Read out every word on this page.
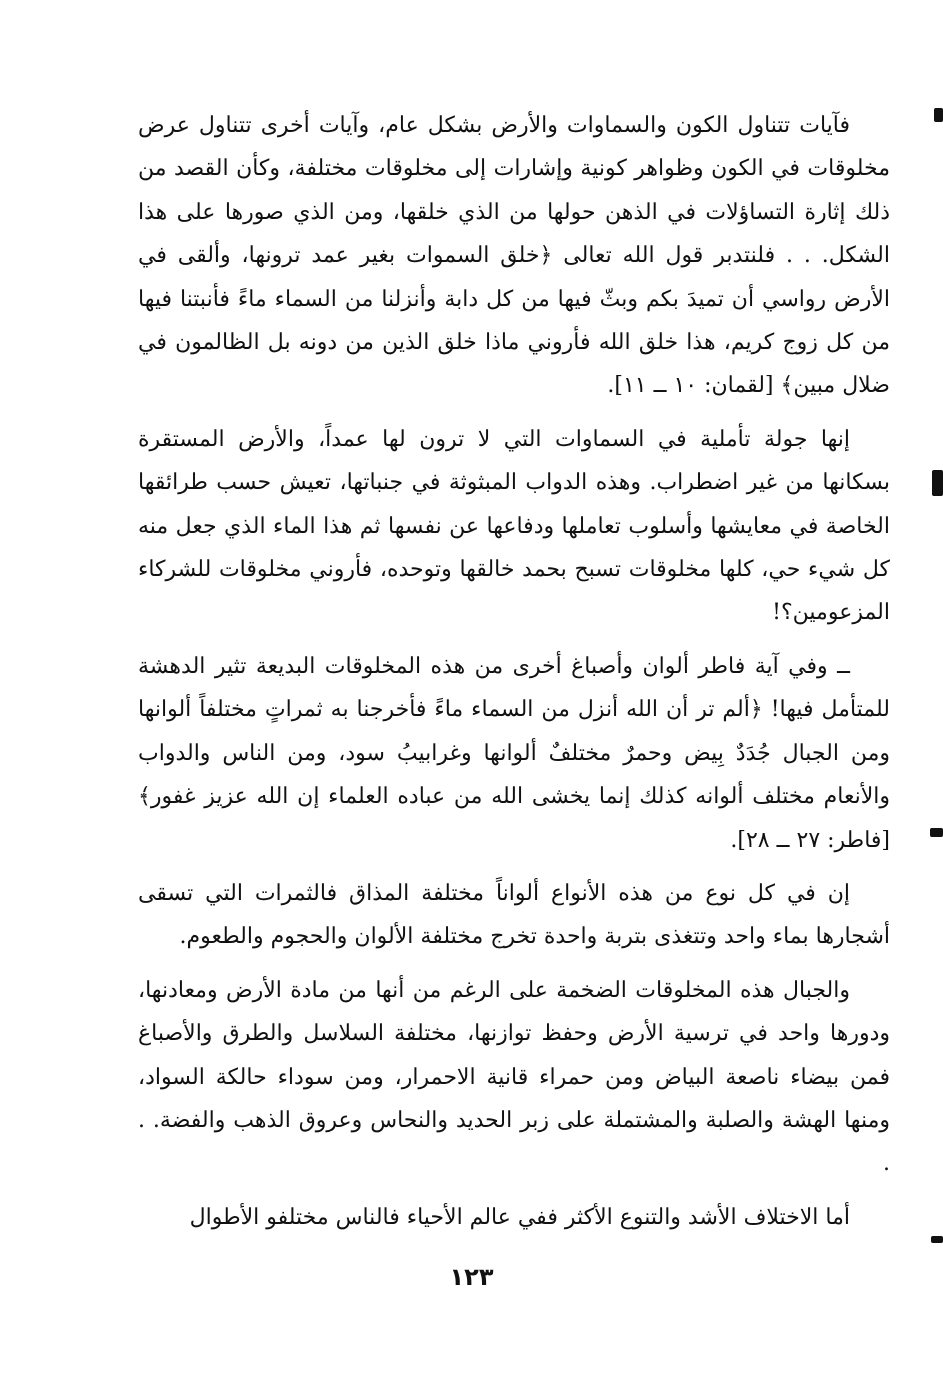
فآيات تتناول الكون والسماوات والأرض بشكل عام، وآيات أخرى تتناول عرض مخلوقات في الكون وظواهر كونية وإشارات إلى مخلوقات مختلفة، وكأن القصد من ذلك إثارة التساؤلات في الذهن حولها من الذي خلقها، ومن الذي صورها على هذا الشكل. . . فلنتدبر قول الله تعالى ﴿خلق السموات بغير عمد ترونها، وألقى في الأرض رواسي أن تميدَ بكم وبثّ فيها من كل دابة وأنزلنا من السماء ماءً فأنبتنا فيها من كل زوج كريم، هذا خلق الله فأروني ماذا خلق الذين من دونه بل الظالمون في ضلال مبين﴾ [لقمان: ١٠ ــ ١١].

إنها جولة تأملية في السماوات التي لا ترون لها عمداً، والأرض المستقرة بسكانها من غير اضطراب. وهذه الدواب المبثوثة في جنباتها، تعيش حسب طرائقها الخاصة في معايشها وأسلوب تعاملها ودفاعها عن نفسها ثم هذا الماء الذي جعل منه كل شيء حي، كلها مخلوقات تسبح بحمد خالقها وتوحده، فأروني مخلوقات للشركاء المزعومين؟!

ــ وفي آية فاطر ألوان وأصباغ أخرى من هذه المخلوقات البديعة تثير الدهشة للمتأمل فيها! ﴿ألم تر أن الله أنزل من السماء ماءً فأخرجنا به ثمراتٍ مختلفاً ألوانها ومن الجبال جُدَدٌ بِيض وحمرٌ مختلفٌ ألوانها وغرابيبُ سود، ومن الناس والدواب والأنعام مختلف ألوانه كذلك إنما يخشى الله من عباده العلماء إن الله عزيز غفور﴾ [فاطر: ٢٧ ــ ٢٨].

إن في كل نوع من هذه الأنواع ألواناً مختلفة المذاق فالثمرات التي تسقى أشجارها بماء واحد وتتغذى بتربة واحدة تخرج مختلفة الألوان والحجوم والطعوم.

والجبال هذه المخلوقات الضخمة على الرغم من أنها من مادة الأرض ومعادنها، ودورها واحد في ترسية الأرض وحفظ توازنها، مختلفة السلاسل والطرق والأصباغ فمن بيضاء ناصعة البياض ومن حمراء قانية الاحمرار، ومن سوداء حالكة السواد، ومنها الهشة والصلبة والمشتملة على زبر الحديد والنحاس وعروق الذهب والفضة. . .

أما الاختلاف الأشد والتنوع الأكثر ففي عالم الأحياء فالناس مختلفو الأطوال

١٢٣
